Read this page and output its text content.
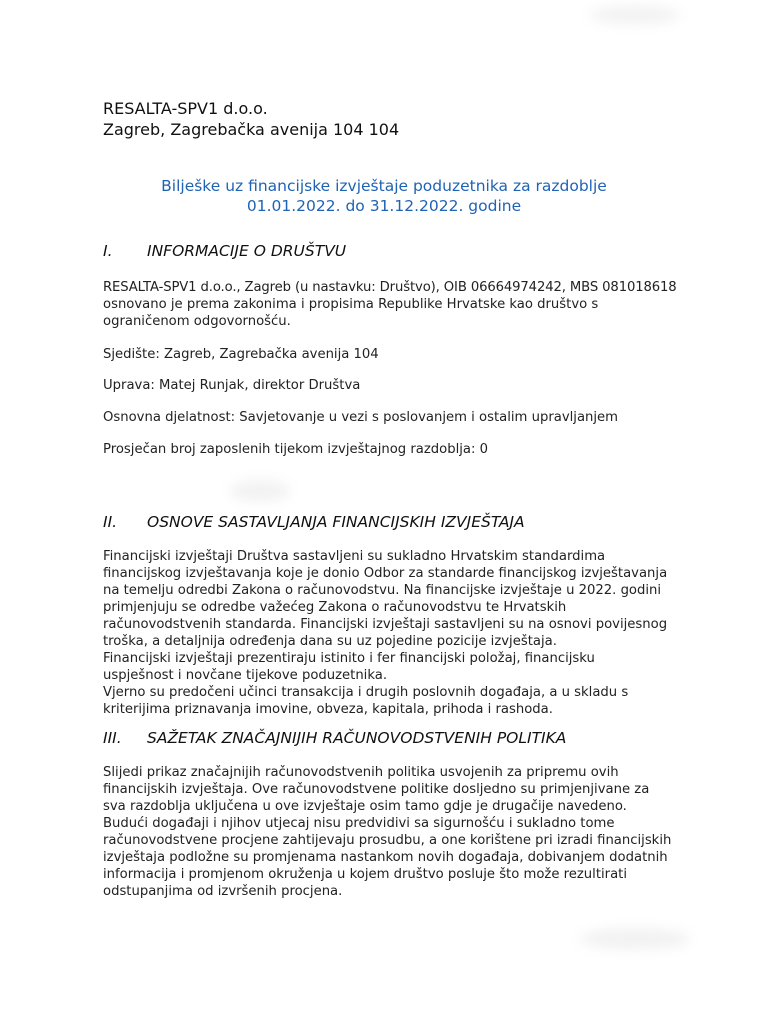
RESALTA-SPV1 d.o.o.
Zagreb, Zagrebačka avenija 104 104
Bilješke uz financijske izvještaje poduzetnika za razdoblje
01.01.2022. do 31.12.2022. godine
I. INFORMACIJE O DRUŠTVU
RESALTA-SPV1 d.o.o., Zagreb (u nastavku: Društvo), OIB 06664974242, MBS 081018618
osnovano je prema zakonima i propisima Republike Hrvatske kao društvo s
ograničenom odgovornošću.
Sjedište: Zagreb, Zagrebačka avenija 104
Uprava: Matej Runjak, direktor Društva
Osnovna djelatnost: Savjetovanje u vezi s poslovanjem i ostalim upravljanjem
Prosječan broj zaposlenih tijekom izvještajnog razdoblja: 0
II. OSNOVE SASTAVLJANJA FINANCIJSKIH IZVJEŠTAJA
Financijski izvještaji Društva sastavljeni su sukladno Hrvatskim standardima
financijskog izvještavanja koje je donio Odbor za standarde financijskog izvještavanja
na temelju odredbi Zakona o računovodstvu. Na financijske izvještaje u 2022. godini
primjenjuju se odredbe važećeg Zakona o računovodstvu te Hrvatskih
računovodstvenih standarda. Financijski izvještaji sastavljeni su na osnovi povijesnog
troška, a detaljnija određenja dana su uz pojedine pozicije izvještaja.
Financijski izvještaji prezentiraju istinito i fer financijski položaj, financijsku
uspješnost i novčane tijekove poduzetnika.
Vjerno su predočeni učinci transakcija i drugih poslovnih događaja, a u skladu s
kriterijima priznavanja imovine, obveza, kapitala, prihoda i rashoda.
III. SAŽETAK ZNAČAJNIJIH RAČUNOVODSTVENIH POLITIKA
Slijedi prikaz značajnijih računovodstvenih politika usvojenih za pripremu ovih
financijskih izvještaja. Ove računovodstvene politike dosljedno su primjenjivane za
sva razdoblja uključena u ove izvještaje osim tamo gdje je drugačije navedeno.
Budući događaji i njihov utjecaj nisu predvidivi sa sigurnošću i sukladno tome
računovodstvene procjene zahtijevaju prosudbu, a one korištene pri izradi financijskih
izvještaja podložne su promjenama nastankom novih događaja, dobivanjem dodatnih
informacija i promjenom okruženja u kojem društvo posluje što može rezultirati
odstupanjima od izvršenih procjena.
